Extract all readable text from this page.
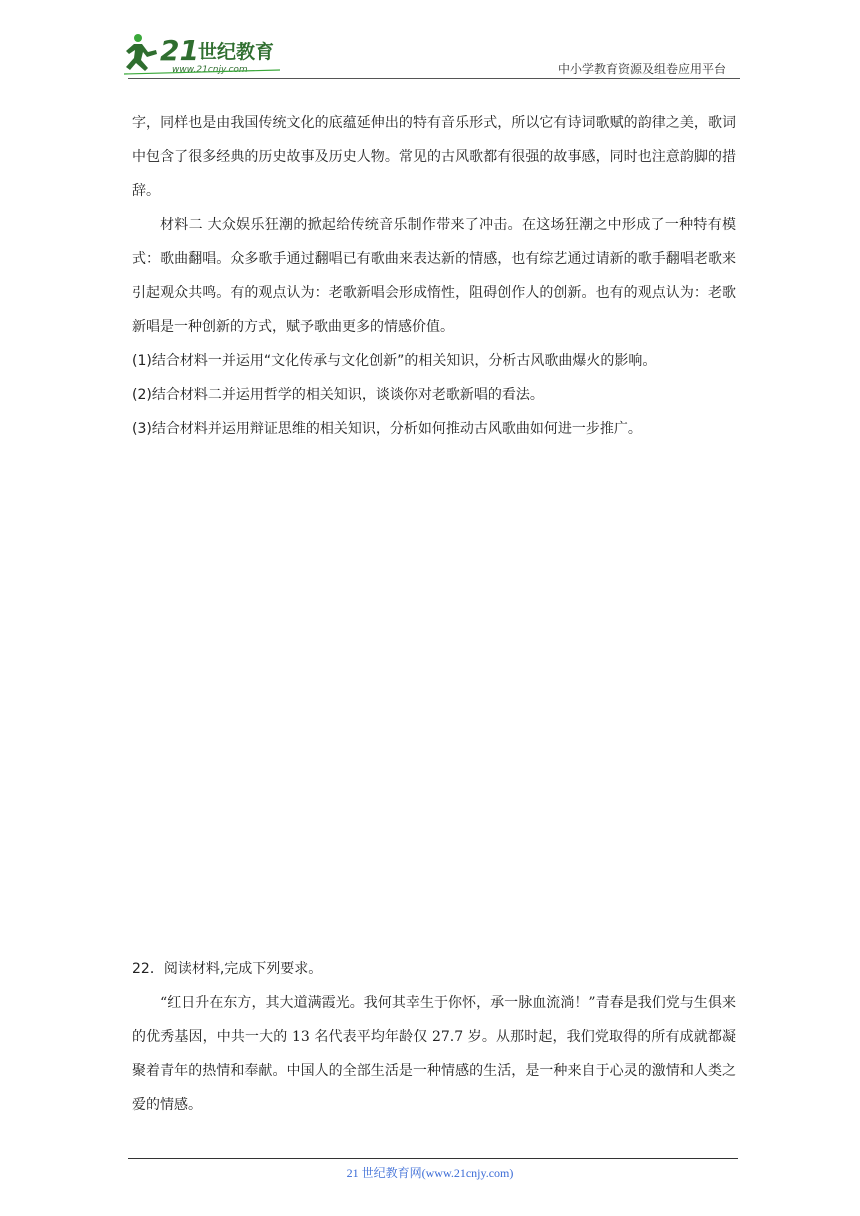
21 世纪教育
www.21cnjy.com	中小学教育资源及组卷应用平台

字，同样也是由我国传统文化的底蕴延伸出的特有音乐形式，所以它有诗词歌赋的韵律之美，歌词中包含了很多经典的历史故事及历史人物。常见的古风歌都有很强的故事感，同时也注意韵脚的措辞。

材料二 大众娱乐狂潮的掀起给传统音乐制作带来了冲击。在这场狂潮之中形成了一种特有模式：歌曲翻唱。众多歌手通过翻唱已有歌曲来表达新的情感，也有综艺通过请新的歌手翻唱老歌来引起观众共鸣。有的观点认为：老歌新唱会形成惰性，阻碍创作人的创新。也有的观点认为：老歌新唱是一种创新的方式，赋予歌曲更多的情感价值。

(1)结合材料一并运用“文化传承与文化创新”的相关知识，分析古风歌曲爆火的影响。

(2)结合材料二并运用哲学的相关知识，谈谈你对老歌新唱的看法。

(3)结合材料并运用辩证思维的相关知识，分析如何推动古风歌曲如何进一步推广。

22．阅读材料,完成下列要求。

“红日升在东方，其大道满霞光。我何其幸生于你怀，承一脉血流淌！”青春是我们党与生俱来的优秀基因，中共一大的 13 名代表平均年龄仅 27.7 岁。从那时起，我们党取得的所有成就都凝聚着青年的热情和奉献。中国人的全部生活是一种情感的生活，是一种来自于心灵的激情和人类之爱的情感。

21 世纪教育网(www.21cnjy.com)
